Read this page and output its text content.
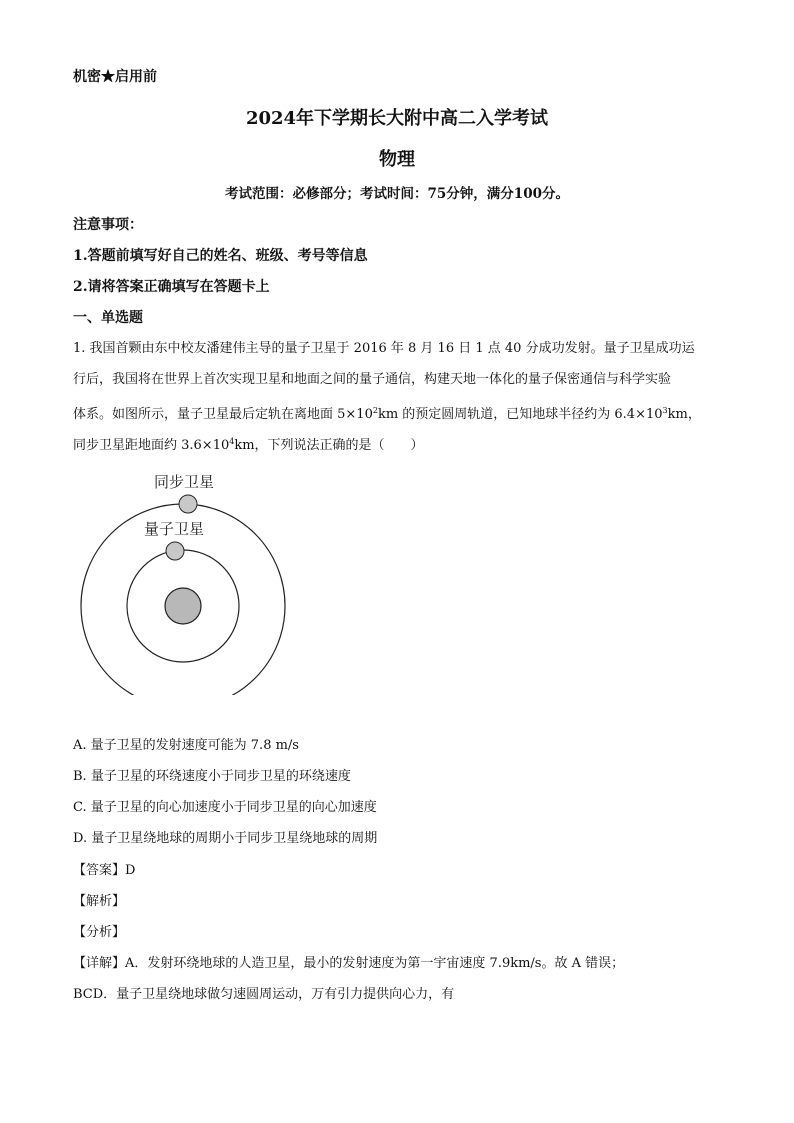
机密★启用前
2024年下学期长大附中高二入学考试
物理
考试范围：必修部分；考试时间：75分钟，满分100分。
注意事项：
1.答题前填写好自己的姓名、班级、考号等信息
2.请将答案正确填写在答题卡上
一、单选题
1. 我国首颗由东中校友潘建伟主导的量子卫星于 2016 年 8 月 16 日 1 点 40 分成功发射。量子卫星成功运
行后，我国将在世界上首次实现卫星和地面之间的量子通信，构建天地一体化的量子保密通信与科学实验
体系。如图所示，量子卫星最后定轨在离地面 $5\times 10^2km$ 的预定圆周轨道，已知地球半径约为 $6.4\times 10^3km$，
同步卫星距地面约 $3.6\times 10^4km$，下列说法正确的是（　　）
同步卫星
量子卫星
A. 量子卫星的发射速度可能为 7.8 m/s
B. 量子卫星的环绕速度小于同步卫星的环绕速度
C. 量子卫星的向心加速度小于同步卫星的向心加速度
D. 量子卫星绕地球的周期小于同步卫星绕地球的周期
【答案】D
【解析】
【分析】
【详解】A．发射环绕地球的人造卫星，最小的发射速度为第一宇宙速度 7.9km/s。故 A 错误；
BCD．量子卫星绕地球做匀速圆周运动，万有引力提供向心力，有
